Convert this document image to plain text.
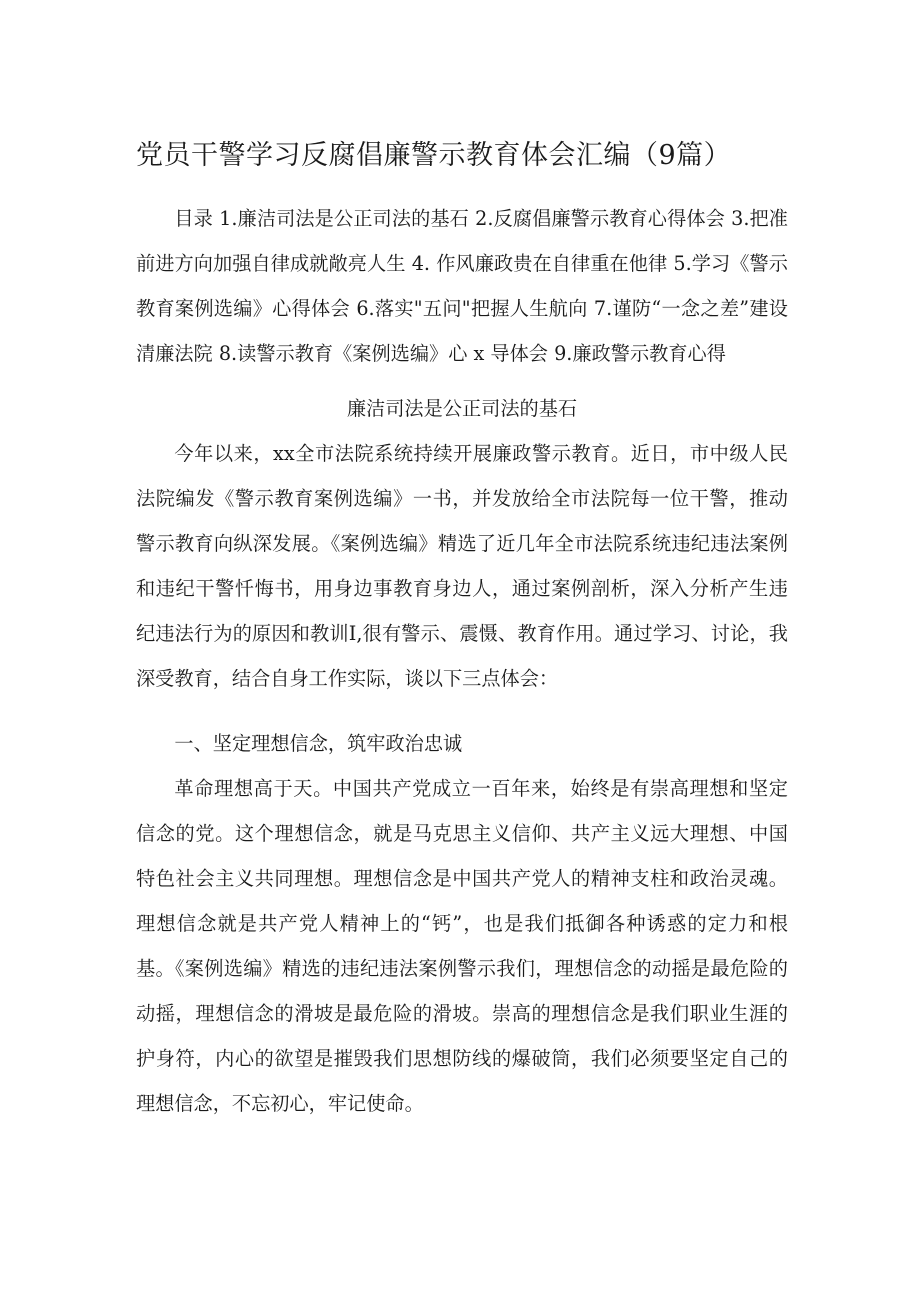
党员干警学习反腐倡廉警示教育体会汇编（9篇）

目录 1.廉洁司法是公正司法的基石 2.反腐倡廉警示教育心得体会 3.把准前进方向加强自律成就敞亮人生 4. 作风廉政贵在自律重在他律 5.学习《警示教育案例选编》心得体会 6.落实"五问"把握人生航向 7.谨防“一念之差”建设清廉法院 8.读警示教育《案例选编》心 x 导体会 9.廉政警示教育心得

廉洁司法是公正司法的基石

今年以来，xx全市法院系统持续开展廉政警示教育。近日，市中级人民法院编发《警示教育案例选编》一书，并发放给全市法院每一位干警，推动警示教育向纵深发展。《案例选编》精选了近几年全市法院系统违纪违法案例和违纪干警忏悔书，用身边事教育身边人，通过案例剖析，深入分析产生违纪违法行为的原因和教训I,很有警示、震慑、教育作用。通过学习、讨论，我深受教育，结合自身工作实际，谈以下三点体会：

一、坚定理想信念，筑牢政治忠诚

革命理想高于天。中国共产党成立一百年来，始终是有崇高理想和坚定信念的党。这个理想信念，就是马克思主义信仰、共产主义远大理想、中国特色社会主义共同理想。理想信念是中国共产党人的精神支柱和政治灵魂。理想信念就是共产党人精神上的“钙”，也是我们抵御各种诱惑的定力和根基。《案例选编》精选的违纪违法案例警示我们，理想信念的动摇是最危险的动摇，理想信念的滑坡是最危险的滑坡。崇高的理想信念是我们职业生涯的护身符，内心的欲望是摧毁我们思想防线的爆破筒，我们必须要坚定自己的理想信念，不忘初心，牢记使命。
